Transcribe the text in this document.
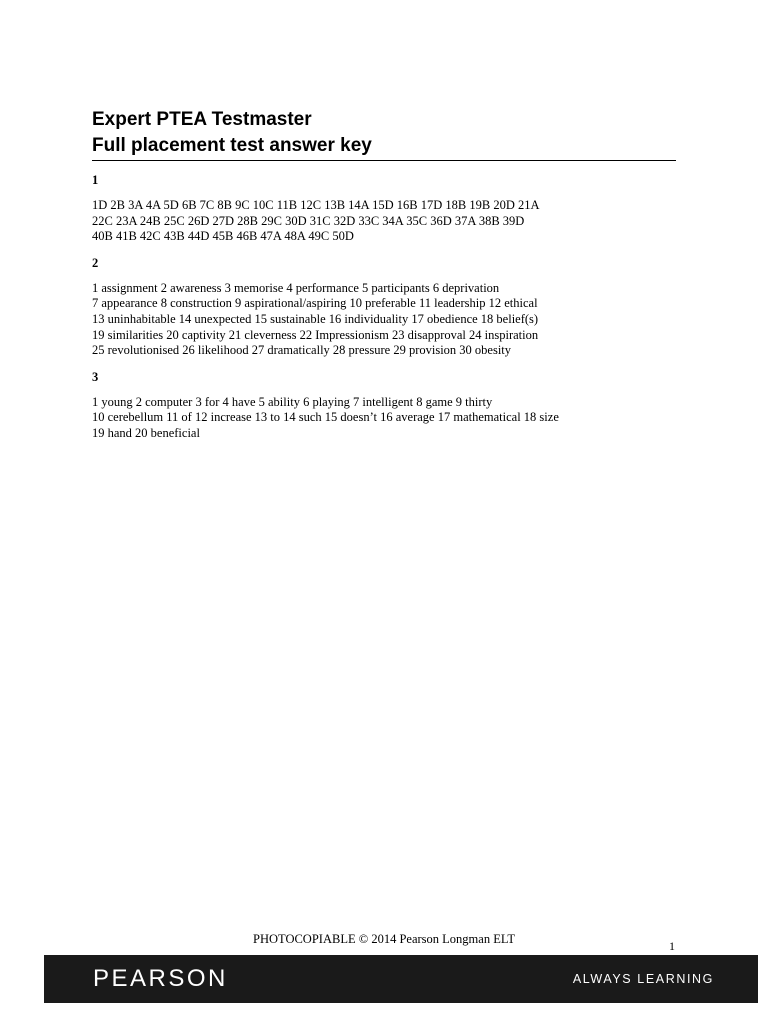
Expert PTEA Testmaster
Full placement test answer key
1
1D 2B 3A 4A 5D 6B 7C 8B 9C 10C 11B 12C 13B 14A 15D 16B 17D 18B 19B 20D 21A
22C 23A 24B 25C 26D 27D 28B 29C 30D 31C 32D 33C 34A 35C 36D 37A 38B 39D
40B 41B 42C 43B 44D 45B 46B 47A 48A 49C 50D
2
1 assignment 2 awareness 3 memorise 4 performance 5 participants 6 deprivation
7 appearance 8 construction 9 aspirational/aspiring 10 preferable 11 leadership 12 ethical
13 uninhabitable 14 unexpected 15 sustainable 16 individuality 17 obedience 18 belief(s)
19 similarities 20 captivity 21 cleverness 22 Impressionism 23 disapproval 24 inspiration
25 revolutionised 26 likelihood 27 dramatically 28 pressure 29 provision 30 obesity
3
1 young 2 computer 3 for 4 have 5 ability 6 playing 7 intelligent 8 game 9 thirty
10 cerebellum 11 of 12 increase 13 to 14 such 15 doesn’t 16 average 17 mathematical 18 size
19 hand 20 beneficial
PHOTOCOPIABLE © 2014 Pearson Longman ELT	1
PEARSON	ALWAYS LEARNING
